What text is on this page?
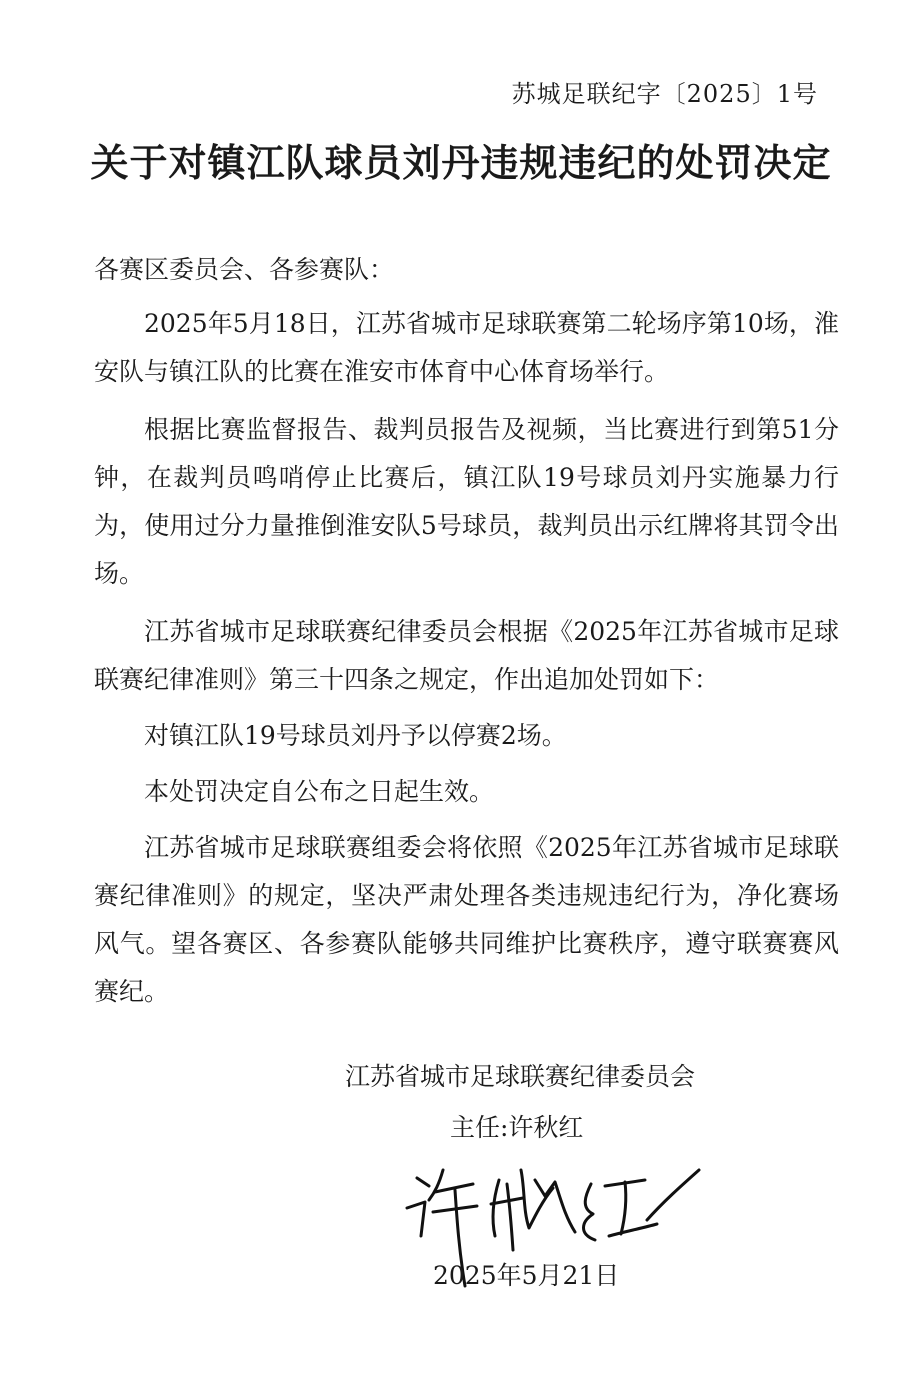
苏城足联纪字〔2025〕1号
关于对镇江队球员刘丹违规违纪的处罚决定
各赛区委员会、各参赛队：

2025年5月18日，江苏省城市足球联赛第二轮场序第10场，淮安队与镇江队的比赛在淮安市体育中心体育场举行。

根据比赛监督报告、裁判员报告及视频，当比赛进行到第51分钟，在裁判员鸣哨停止比赛后，镇江队19号球员刘丹实施暴力行为，使用过分力量推倒淮安队5号球员，裁判员出示红牌将其罚令出场。

江苏省城市足球联赛纪律委员会根据《2025年江苏省城市足球联赛纪律准则》第三十四条之规定，作出追加处罚如下：

对镇江队19号球员刘丹予以停赛2场。

本处罚决定自公布之日起生效。

江苏省城市足球联赛组委会将依照《2025年江苏省城市足球联赛纪律准则》的规定，坚决严肃处理各类违规违纪行为，净化赛场风气。望各赛区、各参赛队能够共同维护比赛秩序，遵守联赛赛风赛纪。

江苏省城市足球联赛纪律委员会
主任:许秋红
2025年5月21日
